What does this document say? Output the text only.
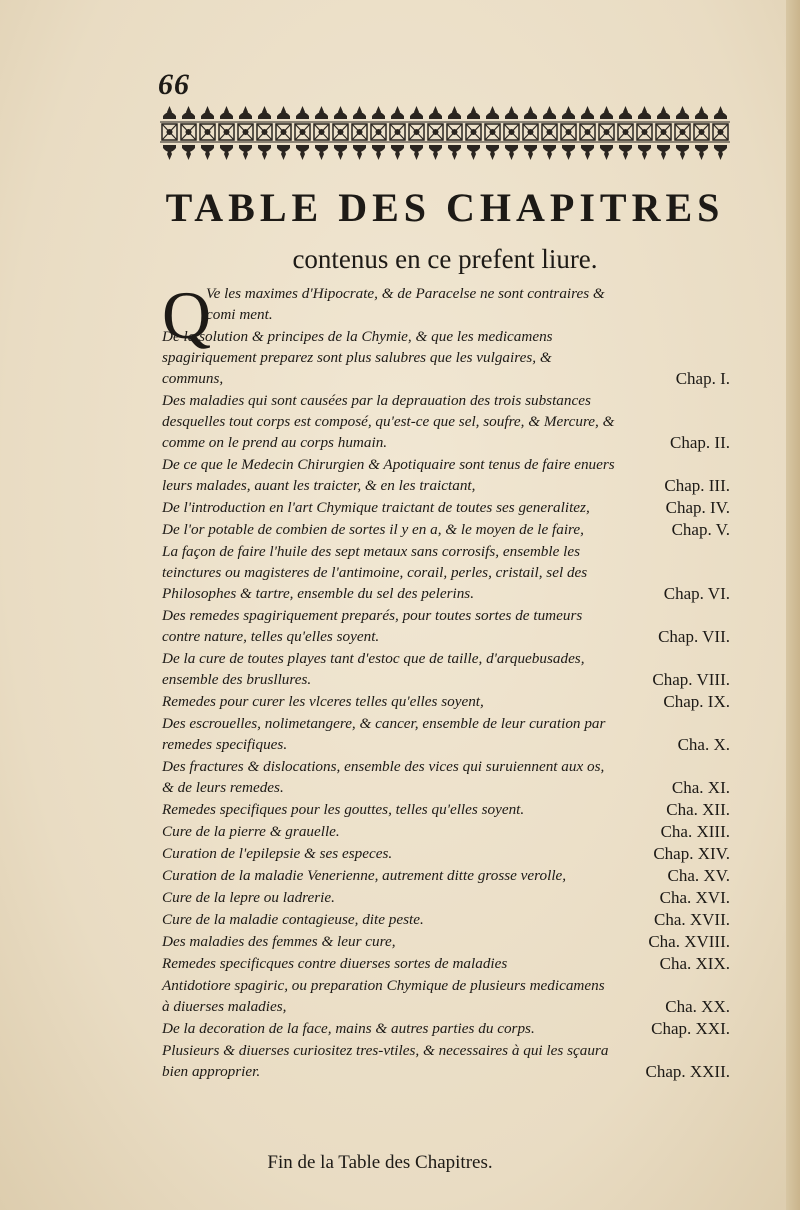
66
TABLE DES CHAPITRES

contenus en ce prefent liure.

Q
Ve les maximes d'Hipocrate, & de Paracelse ne sont contraires & comi ment.
De la solution & principes de la Chymie, & que les medicamens spagiriquement preparez sont plus salubres que les vulgaires, & communs,	Chap. I.
Des maladies qui sont causées par la deprauation des trois substances desquelles tout corps est composé, qu'est-ce que sel, soufre, & Mercure, & comme on le prend au corps humain.	Chap. II.
De ce que le Medecin Chirurgien & Apotiquaire sont tenus de faire enuers leurs malades, auant les traicter, & en les traictant,	Chap. III.
De l'introduction en l'art Chymique traictant de toutes ses generalitez,	Chap. IV.
De l'or potable de combien de sortes il y en a, & le moyen de le faire,	Chap. V.
La façon de faire l'huile des sept metaux sans corrosifs, ensemble les teinctures ou magisteres de l'antimoine, corail, perles, cristail, sel des Philosophes & tartre, ensemble du sel des pelerins.	Chap. VI.
Des remedes spagiriquement preparés, pour toutes sortes de tumeurs contre nature, telles qu'elles soyent.	Chap. VII.
De la cure de toutes playes tant d'estoc que de taille, d'arquebusades, ensemble des brusllures.	Chap. VIII.
Remedes pour curer les vlceres telles qu'elles soyent,	Chap. IX.
Des escrouelles, nolimetangere, & cancer, ensemble de leur curation par remedes specifiques.	Cha. X.
Des fractures & dislocations, ensemble des vices qui suruiennent aux os, & de leurs remedes.	Cha. XI.
Remedes specifiques pour les gouttes, telles qu'elles soyent.	Cha. XII.
Cure de la pierre & grauelle.	Cha. XIII.
Curation de l'epilepsie & ses especes.	Chap. XIV.
Curation de la maladie Venerienne, autrement ditte grosse verolle,	Cha. XV.
Cure de la lepre ou ladrerie.	Cha. XVI.
Cure de la maladie contagieuse, dite peste.	Cha. XVII.
Des maladies des femmes & leur cure,	Cha. XVIII.
Remedes specificques contre diuerses sortes de maladies	Cha. XIX.
Antidotiore spagiric, ou preparation Chymique de plusieurs medicamens à diuerses maladies,	Cha. XX.
De la decoration de la face, mains & autres parties du corps.	Chap. XXI.
Plusieurs & diuerses curiositez tres-vtiles, & necessaires à qui les sçaura bien approprier.	Chap. XXII.

Fin de la Table des Chapitres.
